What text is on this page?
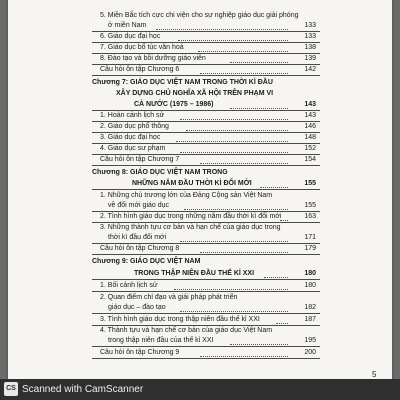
5. Miền Bắc tích cực chi viện cho sự nghiệp giáo dục giải phóng
ở miền Nam	133
6. Giáo dục đại học	133
7. Giáo dục bổ túc văn hoá	138
8. Đào tạo và bồi dưỡng giáo viên	139
Câu hỏi ôn tập Chương 6	142
Chương 7: GIÁO DỤC VIỆT NAM TRONG THỜI KÌ ĐẦU
XÂY DỰNG CHỦ NGHĨA XÃ HỘI TRÊN PHẠM VI
CẢ NƯỚC (1975 – 1986)	143
1. Hoàn cảnh lịch sử	143
2. Giáo dục phổ thông	146
3. Giáo dục đại học	148
4. Giáo dục sư phạm	152
Câu hỏi ôn tập Chương 7	154
Chương 8: GIÁO DỤC VIỆT NAM TRONG
NHỮNG NĂM ĐẦU THỜI KÌ ĐỔI MỚI	155
1. Những chủ trương lớn của Đảng Cộng sản Việt Nam
về đổi mới giáo dục	155
2. Tình hình giáo dục trong những năm đầu thời kì đổi mới	163
3. Những thành tựu cơ bản và hạn chế của giáo dục trong
thời kì đầu đổi mới	171
Câu hỏi ôn tập Chương 8	179
Chương 9: GIÁO DỤC VIỆT NAM
TRONG THẬP NIÊN ĐẦU THẾ KỈ XXI	180
1. Bối cảnh lịch sử	180
2. Quan điểm chỉ đạo và giải pháp phát triển
giáo dục – đào tạo	182
3. Tình hình giáo dục trong thập niên đầu thế kỉ XXI	187
4. Thành tựu và hạn chế cơ bản của giáo dục Việt Nam
trong thập niên đầu của thế kỉ XXI	195
Câu hỏi ôn tập Chương 9	200
5
CS Scanned with CamScanner
